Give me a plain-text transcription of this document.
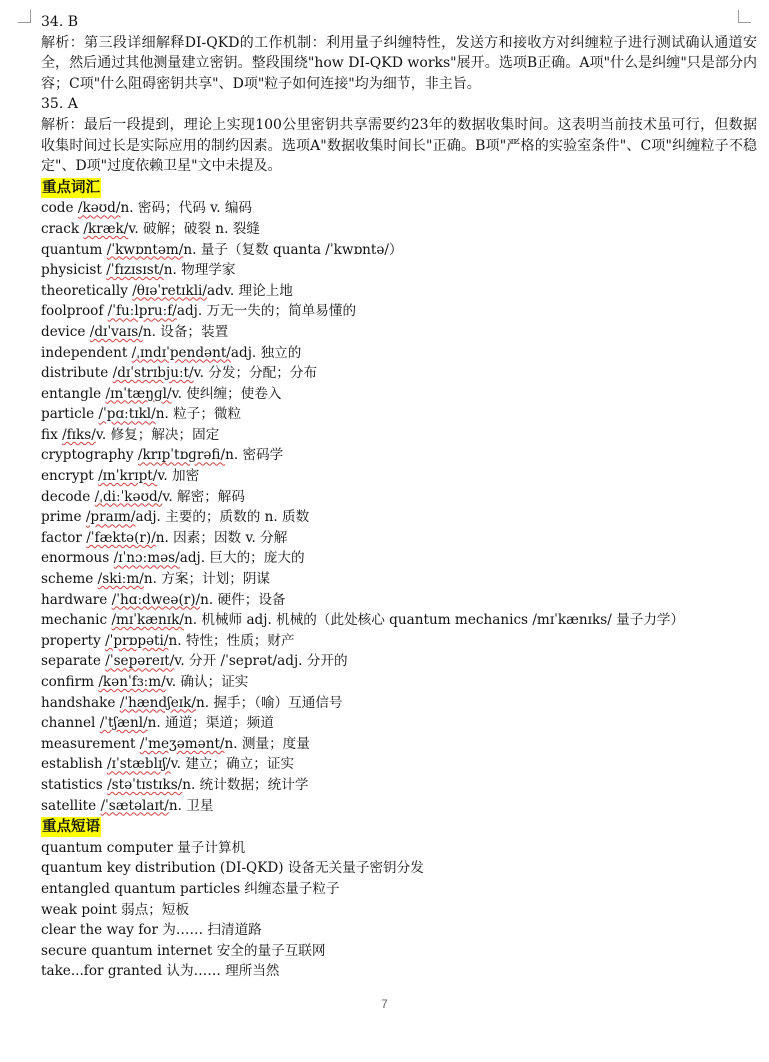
34. B

解析：第三段详细解释DI-QKD的工作机制：利用量子纠缠特性，发送方和接收方对纠缠粒子进行测试确认通道安全，然后通过其他测量建立密钥。整段围绕"how DI-QKD works"展开。选项B正确。A项"什么是纠缠"只是部分内容；C项"什么阻碍密钥共享"、D项"粒子如何连接"均为细节，非主旨。

35. A

解析：最后一段提到，理论上实现100公里密钥共享需要约23年的数据收集时间。这表明当前技术虽可行，但数据收集时间过长是实际应用的制约因素。选项A"数据收集时间长"正确。B项"严格的实验室条件"、C项"纠缠粒子不稳定"、D项"过度依赖卫星"文中未提及。

重点词汇
code /kəʊd/n. 密码；代码 v. 编码
crack /kræk/v. 破解；破裂 n. 裂缝
quantum /ˈkwɒntəm/n. 量子（复数 quanta /ˈkwɒntə/）
physicist /ˈfɪzɪsɪst/n. 物理学家
theoretically /θɪəˈretɪkli/adv. 理论上地
foolproof /ˈfuːlpruːf/adj. 万无一失的；简单易懂的
device /dɪˈvaɪs/n. 设备；装置
independent /ˌɪndɪˈpendənt/adj. 独立的
distribute /dɪˈstrɪbjuːt/v. 分发；分配；分布
entangle /ɪnˈtæŋɡl/v. 使纠缠；使卷入
particle /ˈpɑːtɪkl/n. 粒子；微粒
fix /fɪks/v. 修复；解决；固定
cryptography /krɪpˈtɒɡrəfi/n. 密码学
encrypt /ɪnˈkrɪpt/v. 加密
decode /ˌdiːˈkəʊd/v. 解密；解码
prime /praɪm/adj. 主要的；质数的 n. 质数
factor /ˈfæktə(r)/n. 因素；因数 v. 分解
enormous /ɪˈnɔːməs/adj. 巨大的；庞大的
scheme /skiːm/n. 方案；计划；阴谋
hardware /ˈhɑːdweə(r)/n. 硬件；设备
mechanic /mɪˈkænɪk/n. 机械师 adj. 机械的（此处核心 quantum mechanics /mɪˈkænɪks/ 量子力学）
property /ˈprɒpəti/n. 特性；性质；财产
separate /ˈsepəreɪt/v. 分开 /ˈseprət/adj. 分开的
confirm /kənˈfɜːm/v. 确认；证实
handshake /ˈhændʃeɪk/n. 握手；（喻）互通信号
channel /ˈtʃænl/n. 通道；渠道；频道
measurement /ˈmeʒəmənt/n. 测量；度量
establish /ɪˈstæblɪʃ/v. 建立；确立；证实
statistics /stəˈtɪstɪks/n. 统计数据；统计学
satellite /ˈsætəlaɪt/n. 卫星
重点短语
quantum computer 量子计算机
quantum key distribution (DI-QKD) 设备无关量子密钥分发
entangled quantum particles 纠缠态量子粒子
weak point 弱点；短板
clear the way for 为…… 扫清道路
secure quantum internet 安全的量子互联网
take...for granted 认为…… 理所当然
7
